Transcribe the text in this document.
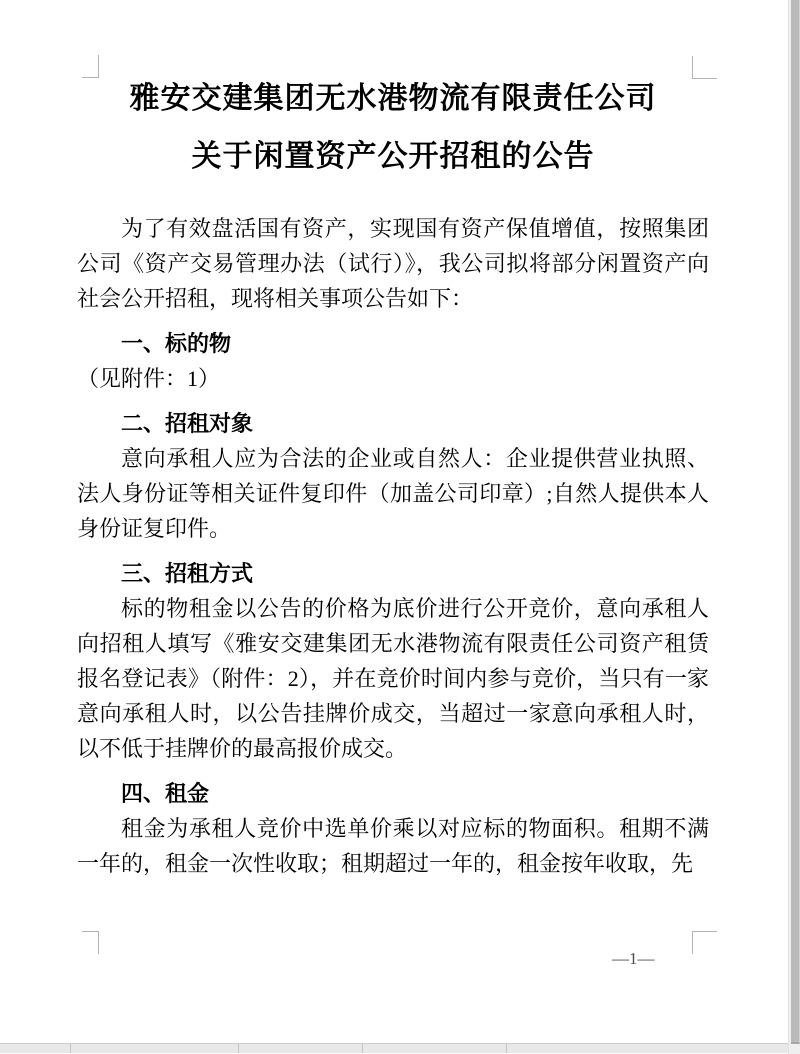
雅安交建集团无水港物流有限责任公司
关于闲置资产公开招租的公告

为了有效盘活国有资产，实现国有资产保值增值，按照集团公司《资产交易管理办法（试行）》，我公司拟将部分闲置资产向社会公开招租，现将相关事项公告如下：

一、标的物

（见附件：1）

二、招租对象

意向承租人应为合法的企业或自然人：企业提供营业执照、法人身份证等相关证件复印件（加盖公司印章）;自然人提供本人身份证复印件。

三、招租方式

标的物租金以公告的价格为底价进行公开竞价，意向承租人向招租人填写《雅安交建集团无水港物流有限责任公司资产租赁报名登记表》（附件：2），并在竞价时间内参与竞价，当只有一家意向承租人时，以公告挂牌价成交，当超过一家意向承租人时，以不低于挂牌价的最高报价成交。

四、租金

租金为承租人竞价中选单价乘以对应标的物面积。租期不满一年的，租金一次性收取；租期超过一年的，租金按年收取，先

—1—
